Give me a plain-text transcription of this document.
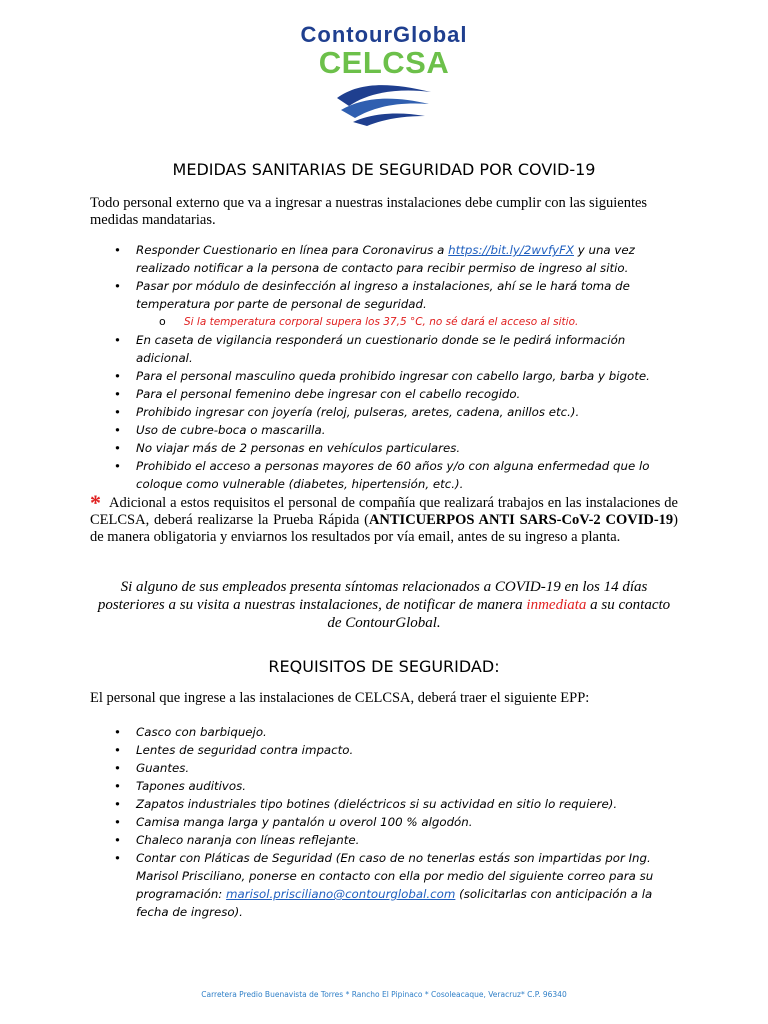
ContourGlobal
CELCSA
MEDIDAS SANITARIAS DE SEGURIDAD POR COVID-19

Todo personal externo que va a ingresar a nuestras instalaciones debe cumplir con las siguientes medidas mandatarias.

• Responder Cuestionario en línea para Coronavirus a https://bit.ly/2wvfyFX y una vez realizado notificar a la persona de contacto para recibir permiso de ingreso al sitio.
• Pasar por módulo de desinfección al ingreso a instalaciones, ahí se le hará toma de temperatura por parte de personal de seguridad.
o Si la temperatura corporal supera los 37,5 °C, no sé dará el acceso al sitio.
• En caseta de vigilancia responderá un cuestionario donde se le pedirá información adicional.
• Para el personal masculino queda prohibido ingresar con cabello largo, barba y bigote.
• Para el personal femenino debe ingresar con el cabello recogido.
• Prohibido ingresar con joyería (reloj, pulseras, aretes, cadena, anillos etc.).
• Uso de cubre-boca o mascarilla.
• No viajar más de 2 personas en vehículos particulares.
• Prohibido el acceso a personas mayores de 60 años y/o con alguna enfermedad que lo coloque como vulnerable (diabetes, hipertensión, etc.).

* Adicional a estos requisitos el personal de compañía que realizará trabajos en las instalaciones de CELCSA, deberá realizarse la Prueba Rápida (ANTICUERPOS ANTI SARS-CoV-2 COVID-19) de manera obligatoria y enviarnos los resultados por vía email, antes de su ingreso a planta.

Si alguno de sus empleados presenta síntomas relacionados a COVID-19 en los 14 días posteriores a su visita a nuestras instalaciones, de notificar de manera inmediata a su contacto de ContourGlobal.
REQUISITOS DE SEGURIDAD:

El personal que ingrese a las instalaciones de CELCSA, deberá traer el siguiente EPP:

• Casco con barbiquejo.
• Lentes de seguridad contra impacto.
• Guantes.
• Tapones auditivos.
• Zapatos industriales tipo botines (dieléctricos si su actividad en sitio lo requiere).
• Camisa manga larga y pantalón u overol 100 % algodón.
• Chaleco naranja con líneas reflejante.
• Contar con Pláticas de Seguridad (En caso de no tenerlas estás son impartidas por Ing. Marisol Prisciliano, ponerse en contacto con ella por medio del siguiente correo para su programación: marisol.prisciliano@contourglobal.com (solicitarlas con anticipación a la fecha de ingreso).
Carretera Predio Buenavista de Torres * Rancho El Pipinaco * Cosoleacaque, Veracruz* C.P. 96340
